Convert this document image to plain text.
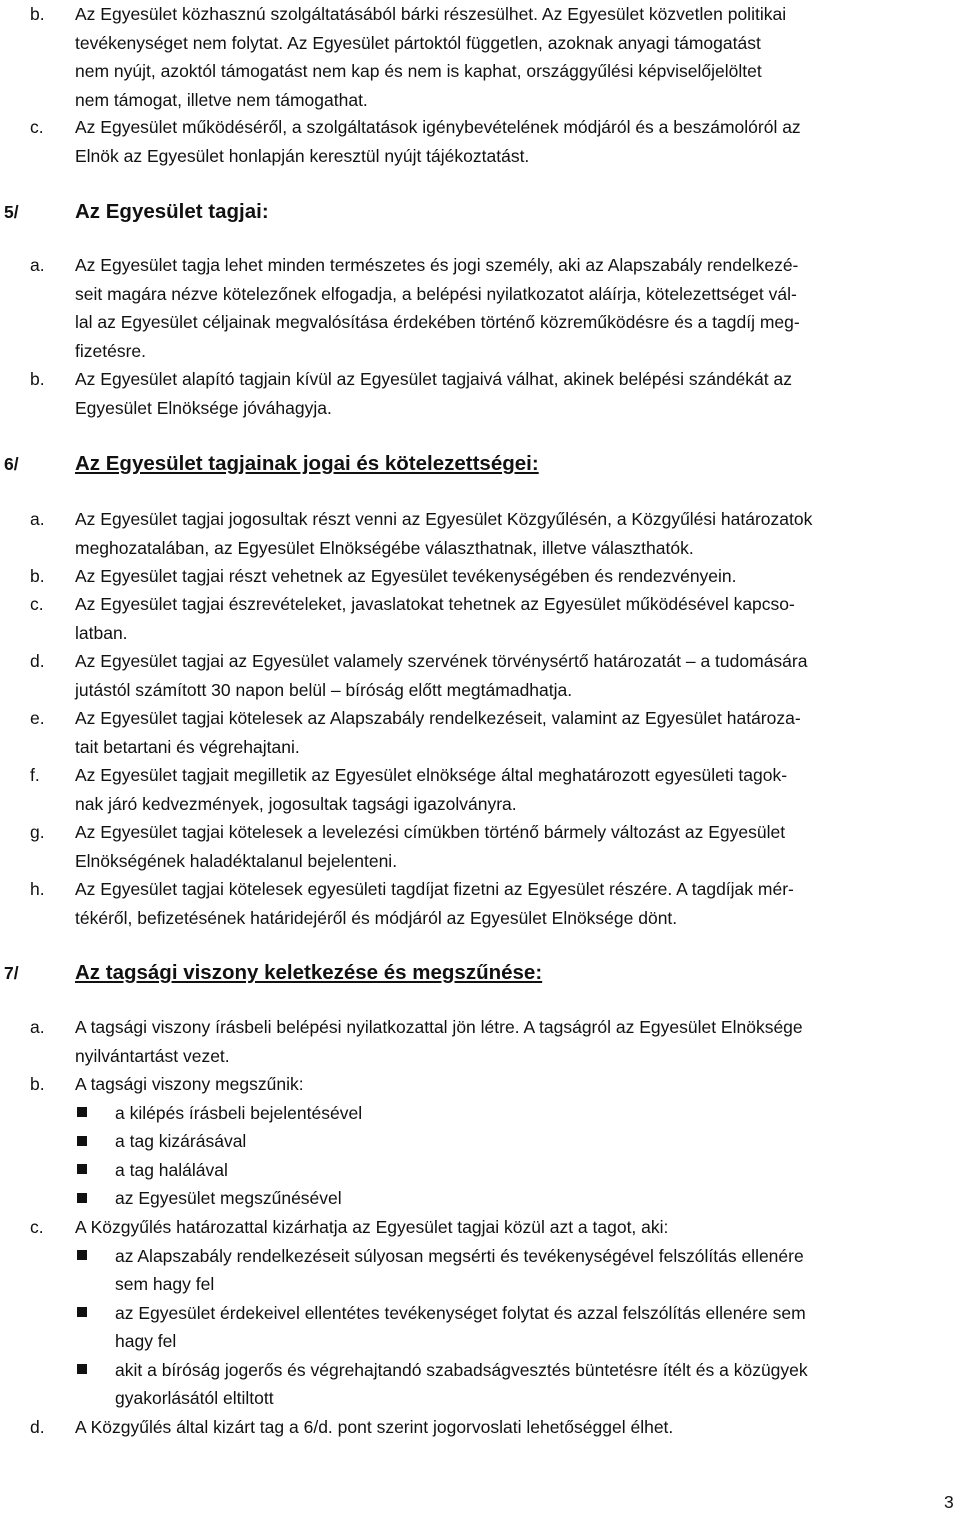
b. Az Egyesület közhasznú szolgáltatásából bárki részesülhet. Az Egyesület közvetlen politikai
tevékenységet nem folytat. Az Egyesület pártoktól független, azoknak anyagi támogatást
nem nyújt, azoktól támogatást nem kap és nem is kaphat, országgyűlési képviselőjelöltet
nem támogat, illetve nem támogathat.
c. Az Egyesület működéséről, a szolgáltatások igénybevételének módjáról és a beszámolóról az
Elnök az Egyesület honlapján keresztül nyújt tájékoztatást.
5/	Az Egyesület tagjai:
a. Az Egyesület tagja lehet minden természetes és jogi személy, aki az Alapszabály rendelkezé-
seit magára nézve kötelezőnek elfogadja, a belépési nyilatkozatot aláírja, kötelezettséget vál-
lal az Egyesület céljainak megvalósítása érdekében történő közreműködésre és a tagdíj meg-
fizetésre.
b. Az Egyesület alapító tagjain kívül az Egyesület tagjaivá válhat, akinek belépési szándékát az
Egyesület Elnöksége jóváhagyja.
6/	Az Egyesület tagjainak jogai és kötelezettségei:
a. Az Egyesület tagjai jogosultak részt venni az Egyesület Közgyűlésén, a Közgyűlési határozatok
meghozatalában, az Egyesület Elnökségébe választhatnak, illetve választhatók.
b. Az Egyesület tagjai részt vehetnek az Egyesület tevékenységében és rendezvényein.
c. Az Egyesület tagjai észrevételeket, javaslatokat tehetnek az Egyesület működésével kapcso-
latban.
d. Az Egyesület tagjai az Egyesület valamely szervének törvénysértő határozatát – a tudomására
jutástól számított 30 napon belül – bíróság előtt megtámadhatja.
e. Az Egyesület tagjai kötelesek az Alapszabály rendelkezéseit, valamint az Egyesület határoza-
tait betartani és végrehajtani.
f. Az Egyesület tagjait megilletik az Egyesület elnöksége által meghatározott egyesületi tagok-
nak járó kedvezmények, jogosultak tagsági igazolványra.
g. Az Egyesület tagjai kötelesek a levelezési címükben történő bármely változást az Egyesület
Elnökségének haladéktalanul bejelenteni.
h. Az Egyesület tagjai kötelesek egyesületi tagdíjat fizetni az Egyesület részére. A tagdíjak mér-
tékéről, befizetésének határidejéről és módjáról az Egyesület Elnöksége dönt.
7/	Az tagsági viszony keletkezése és megszűnése:
a. A tagsági viszony írásbeli belépési nyilatkozattal jön létre. A tagságról az Egyesület Elnöksége
nyilvántartást vezet.
b. A tagsági viszony megszűnik:
a kilépés írásbeli bejelentésével
a tag kizárásával
a tag halálával
az Egyesület megszűnésével
c. A Közgyűlés határozattal kizárhatja az Egyesület tagjai közül azt a tagot, aki:
az Alapszabály rendelkezéseit súlyosan megsérti és tevékenységével felszólítás ellenére
sem hagy fel
az Egyesület érdekeivel ellentétes tevékenységet folytat és azzal felszólítás ellenére sem
hagy fel
akit a bíróság jogerős és végrehajtandó szabadságvesztés büntetésre ítélt és a közügyek
gyakorlásától eltiltott
d. A Közgyűlés által kizárt tag a 6/d. pont szerint jogorvoslati lehetőséggel élhet.
3
